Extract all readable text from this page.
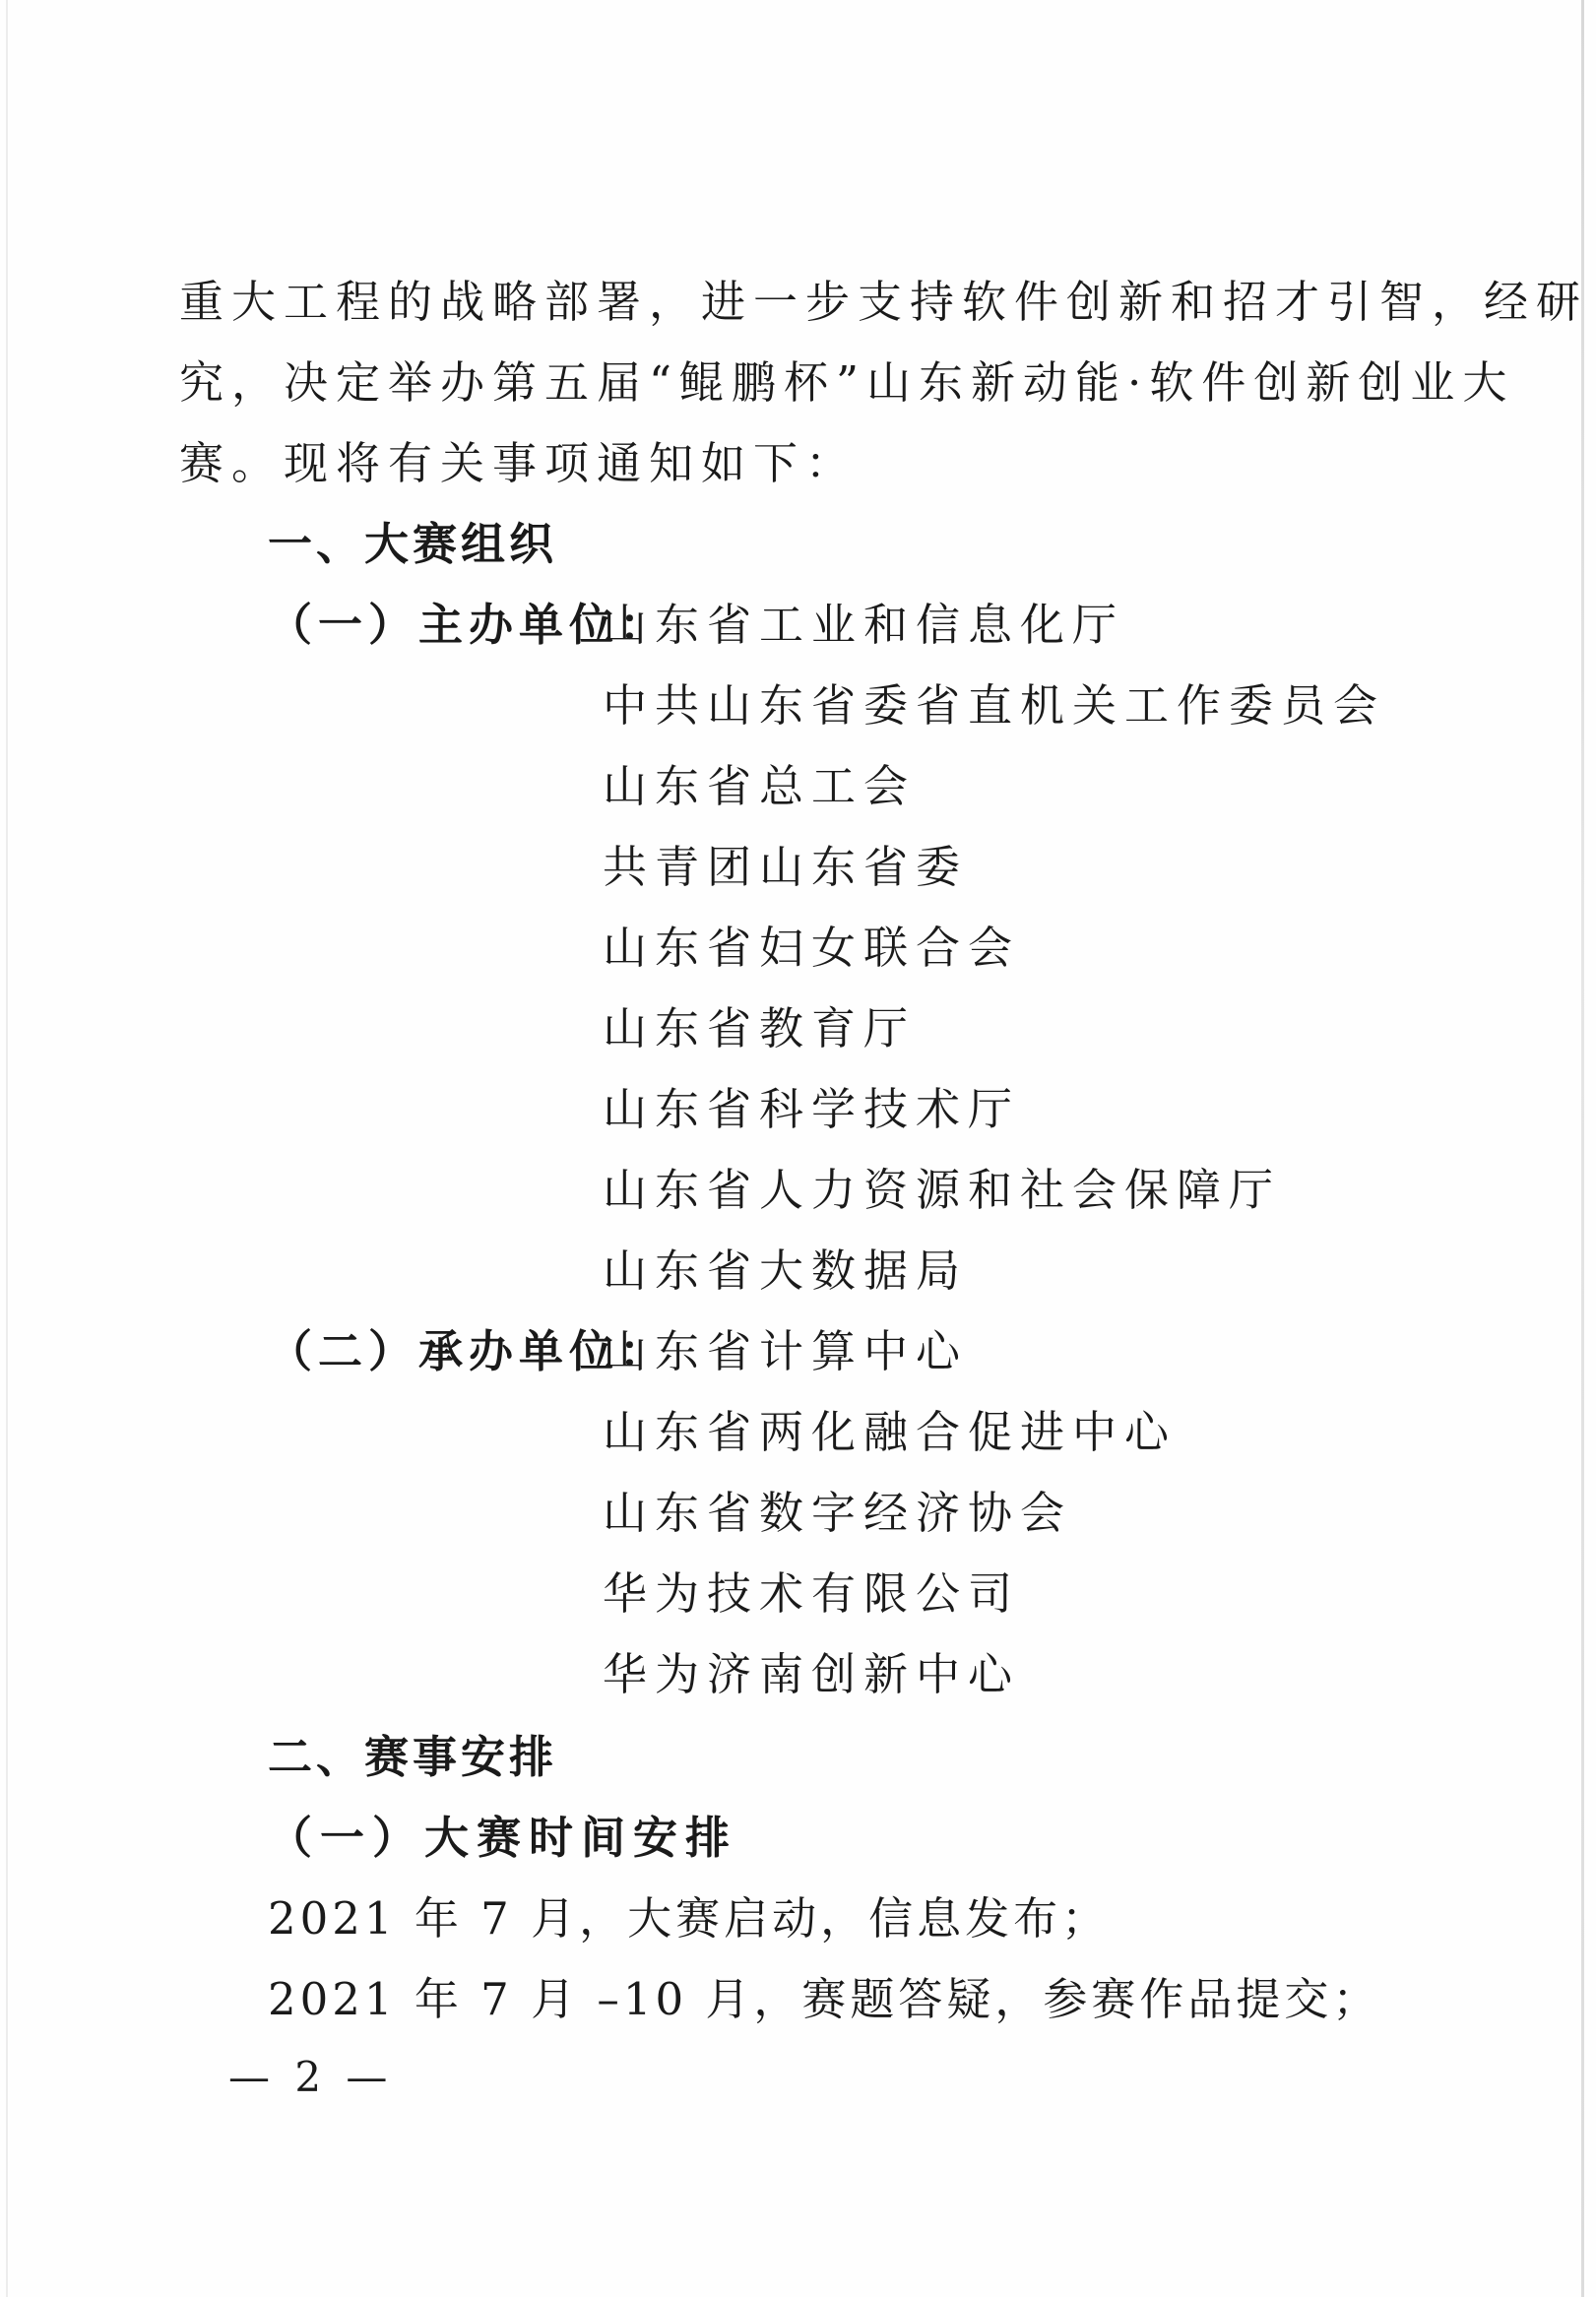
重大工程的战略部署，进一步支持软件创新和招才引智，经研
究，决定举办第五届“鲲鹏杯”山东新动能·软件创新创业大
赛。现将有关事项通知如下：
一、大赛组织
（一）主办单位：山东省工业和信息化厅
中共山东省委省直机关工作委员会
山东省总工会
共青团山东省委
山东省妇女联合会
山东省教育厅
山东省科学技术厅
山东省人力资源和社会保障厅
山东省大数据局
（二）承办单位：山东省计算中心
山东省两化融合促进中心
山东省数字经济协会
华为技术有限公司
华为济南创新中心
二、赛事安排
（一）大赛时间安排
2021 年 7 月，大赛启动，信息发布；
2021 年 7 月 –10 月，赛题答疑，参赛作品提交；
— 2 —
